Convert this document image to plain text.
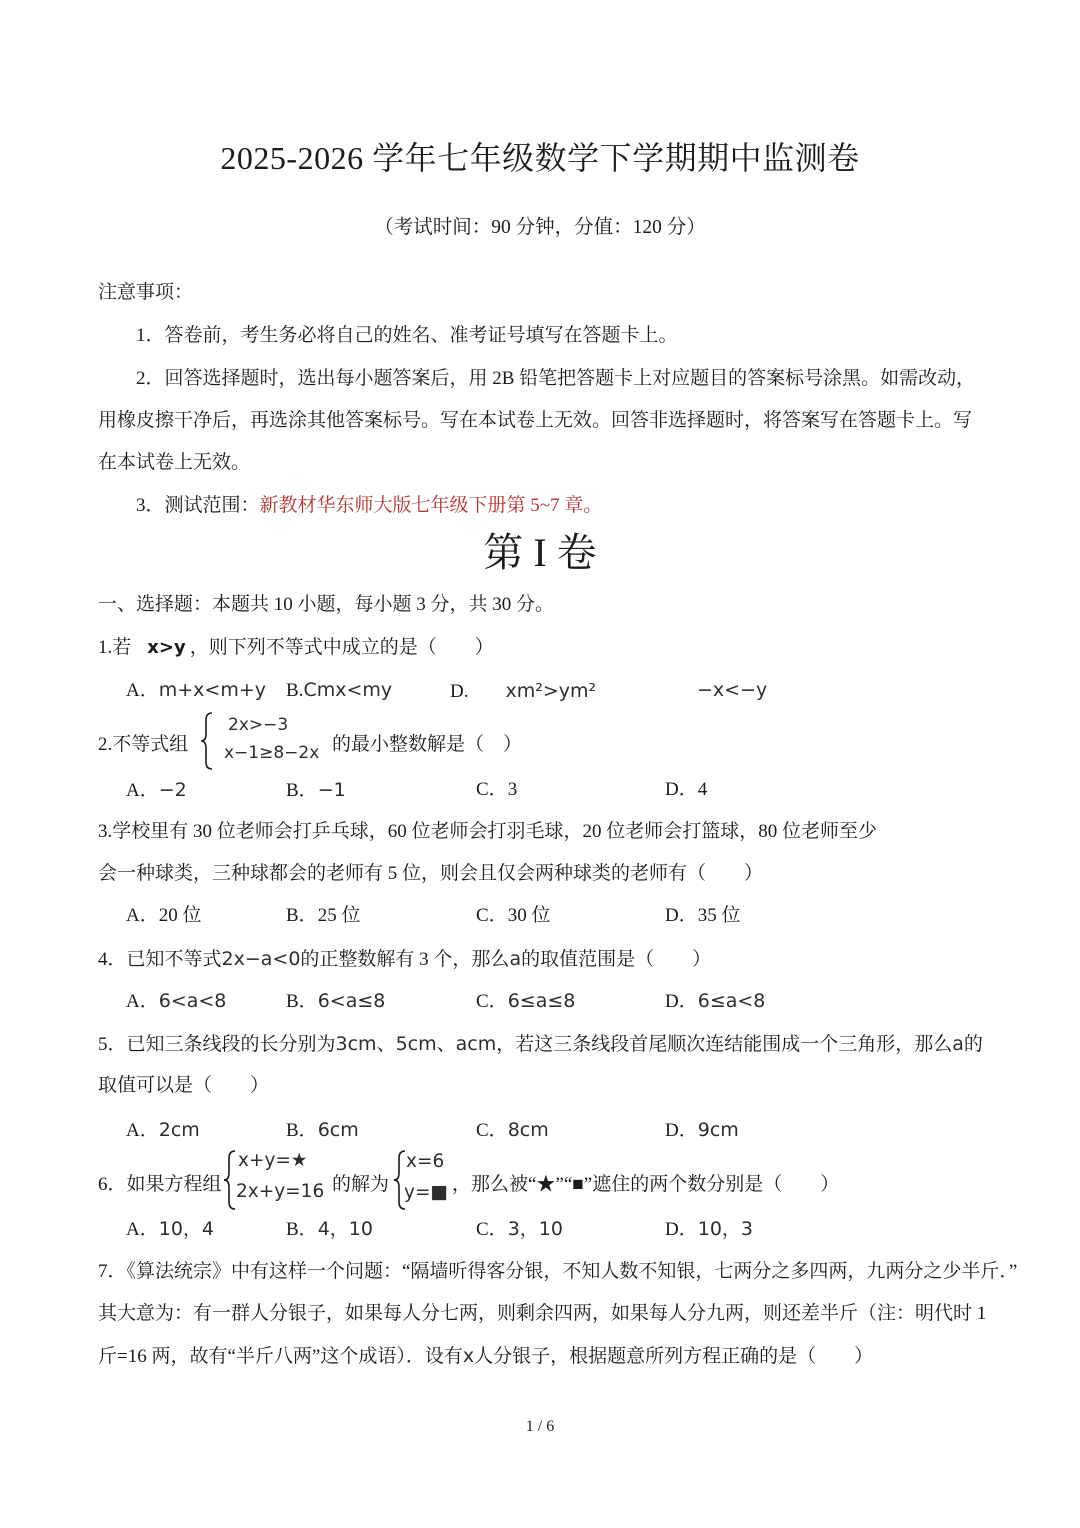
2025-2026 学年七年级数学下学期期中监测卷
（考试时间：90 分钟，分值：120 分）
注意事项：
1．答卷前，考生务必将自己的姓名、准考证号填写在答题卡上。
2．回答选择题时，选出每小题答案后，用 2B 铅笔把答题卡上对应题目的答案标号涂黑。如需改动，
用橡皮擦干净后，再选涂其他答案标号。写在本试卷上无效。回答非选择题时，将答案写在答题卡上。写
在本试卷上无效。
3．测试范围： 新教材华东师大版七年级下册第 5~7 章。
第 I 卷
一、选择题：本题共 10 小题，每小题 3 分，共 30 分。
1.若 x>y ，则下列不等式中成立的是（　　）
A． m+x<m+y B. Cmx<my	D. xm²>ym²	−x<−y
2.不等式组
2x>−3
x−1≥8−2x 的最小整数解是（　）
A． −2	B． −1	C． 3	D． 4
3.学校里有 30 位老师会打乒乓球，60 位老师会打羽毛球，20 位老师会打篮球，80 位老师至少
会一种球类，三种球都会的老师有 5 位，则会且仅会两种球类的老师有（　　）
A． 20 位	B． 25 位	C． 30 位	D． 35 位
4．已知不等式 2x−a<0 的正整数解有 3 个，那么 a 的取值范围是（　　）
A． 6<a<8	B． 6<a≤8	C． 6≤a≤8	D． 6≤a<8
5．已知三条线段的长分别为 3cm 、 5cm 、 acm ，若这三条线段首尾顺次连结能围成一个三角形，那么 a 的
取值可以是（　　）
A． 2cm	B． 6cm	C． 8cm	D． 9cm
6．如果方程组
x+y=★
2x+y=16 的解为
x=6
y=■ ，那么被“★”“■”遮住的两个数分别是（　　）
A． 10，4	B． 4，10	C． 3，10	D． 10，3
7．《算法统宗》中有这样一个问题：“隔墙听得客分银，不知人数不知银，七两分之多四两，九两分之少半斤．”
其大意为：有一群人分银子，如果每人分七两，则剩余四两，如果每人分九两，则还差半斤（注：明代时 1
斤=16 两，故有“半斤八两”这个成语）．设有 x 人分银子，根据题意所列方程正确的是（　　）
1 / 6
